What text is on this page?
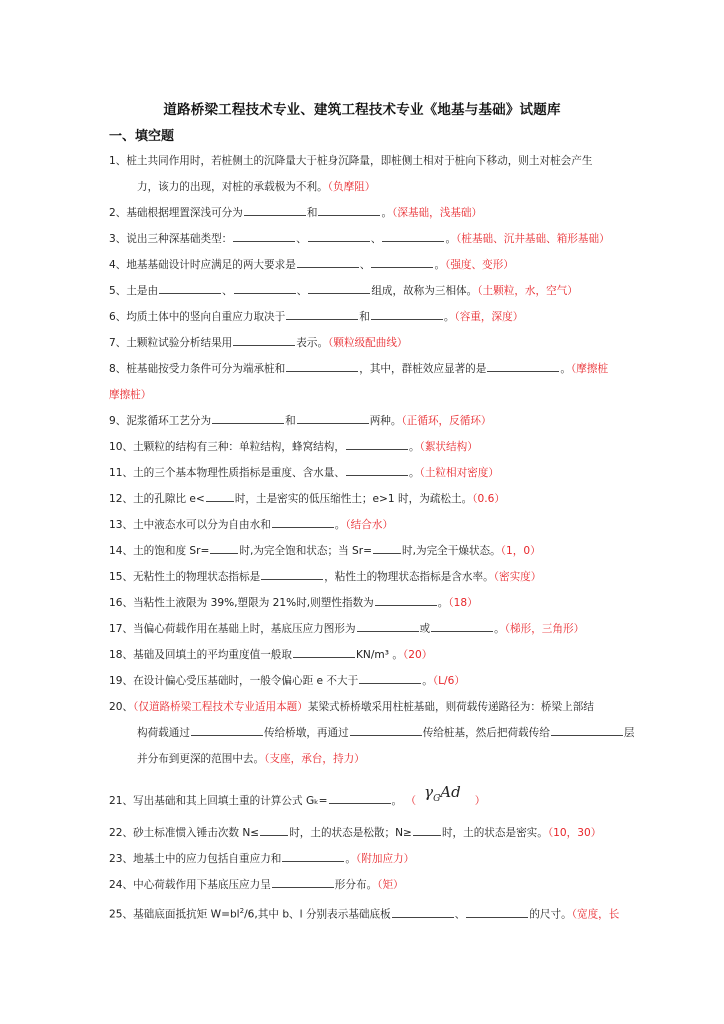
道路桥梁工程技术专业、建筑工程技术专业《地基与基础》试题库
一、填空题
1、桩土共同作用时，若桩侧土的沉降量大于桩身沉降量，即桩侧土相对于桩向下移动，则土对桩会产生
力，该力的出现，对桩的承载极为不利。（负摩阻）
2、基础根据埋置深浅可分为	和	。（深基础，浅基础）
3、说出三种深基础类型：	、	、	。（桩基础、沉井基础、箱形基础）
4、地基基础设计时应满足的两大要求是	、	。（强度、变形）
5、土是由	、	、	组成，故称为三相体。（土颗粒，水，空气）
6、均质土体中的竖向自重应力取决于	和	。（容重，深度）
7、土颗粒试验分析结果用	表示。（颗粒级配曲线）
8、桩基础按受力条件可分为端承桩和	，其中，群桩效应显著的是	。（摩擦桩
摩擦桩）
9、泥浆循环工艺分为	和	两种。（正循环，反循环）
10、土颗粒的结构有三种：单粒结构，蜂窝结构，	。（絮状结构）
11、土的三个基本物理性质指标是重度、含水量、	。（土粒相对密度）
12、土的孔隙比 e<	时，土是密实的低压缩性土；e>1 时，为疏松土。（0.6）
13、土中液态水可以分为自由水和	。（结合水）
14、土的饱和度 Sr=	时,为完全饱和状态；当 Sr=	时,为完全干燥状态。（1，0）
15、无粘性土的物理状态指标是	，粘性土的物理状态指标是含水率。（密实度）
16、当粘性土液限为 39%,塑限为 21%时,则塑性指数为	。（18）
17、当偏心荷载作用在基础上时，基底压应力图形为	或	。（梯形，三角形）
18、基础及回填土的平均重度值一般取	KN/m³ 。（20）
19、在设计偏心受压基础时，一般令偏心距 e 不大于	。（L/6）
20、（仅道路桥梁工程技术专业适用本题）某梁式桥桥墩采用柱桩基础，则荷载传递路径为：桥梁上部结
构荷载通过	传给桥墩，再通过	传给桩基，然后把荷载传给	层
并分布到更深的范围中去。（支座，承台，持力）
21、写出基础和其上回填土重的计算公式 Gₖ=	。 （ $\gamma_GAd$ ）
22、砂土标准惯入锤击次数 N≤	时，土的状态是松散；N≥	时，土的状态是密实。（10，30）
23、地基土中的应力包括自重应力和	。（附加应力）
24、中心荷载作用下基底压应力呈	形分布。（矩）
25、基础底面抵抗矩 $W=bl^2/6$,其中 b、l 分别表示基础底板	、	的尺寸。（宽度，长
